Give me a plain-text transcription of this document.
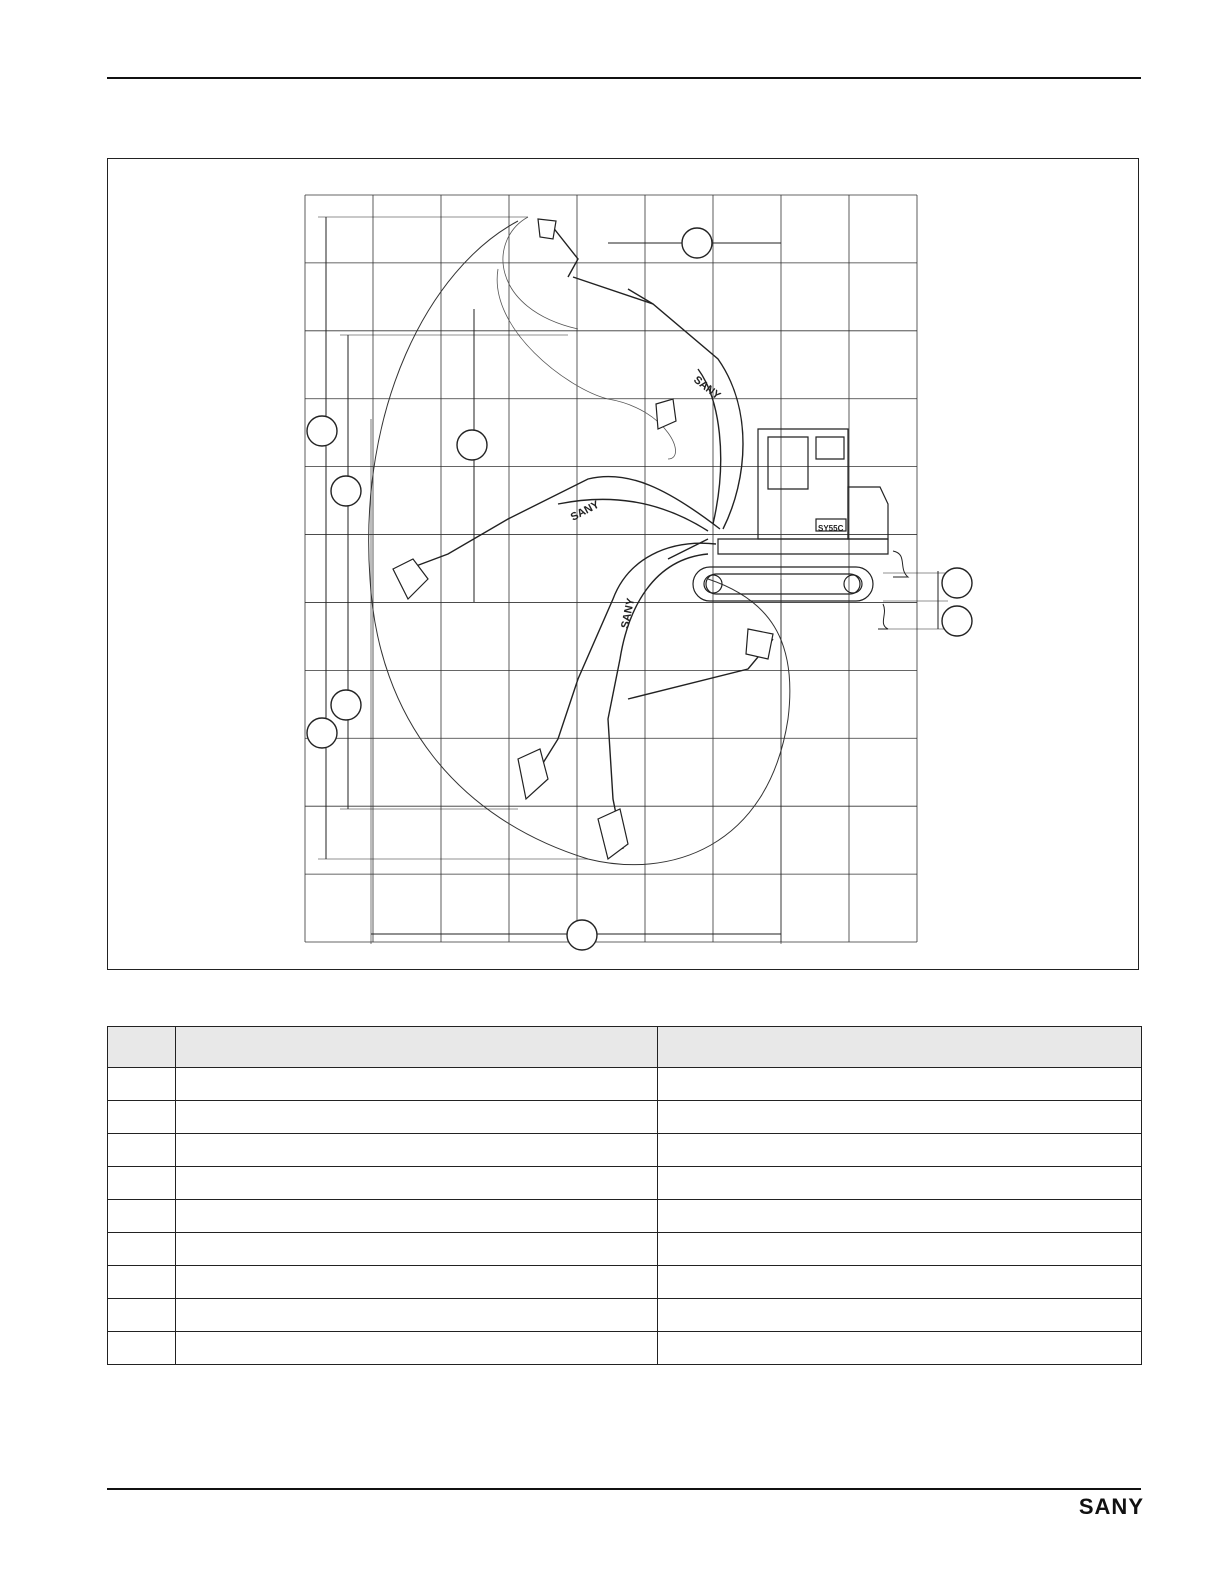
SANY
SANY
SANY
SY55C

SANY
